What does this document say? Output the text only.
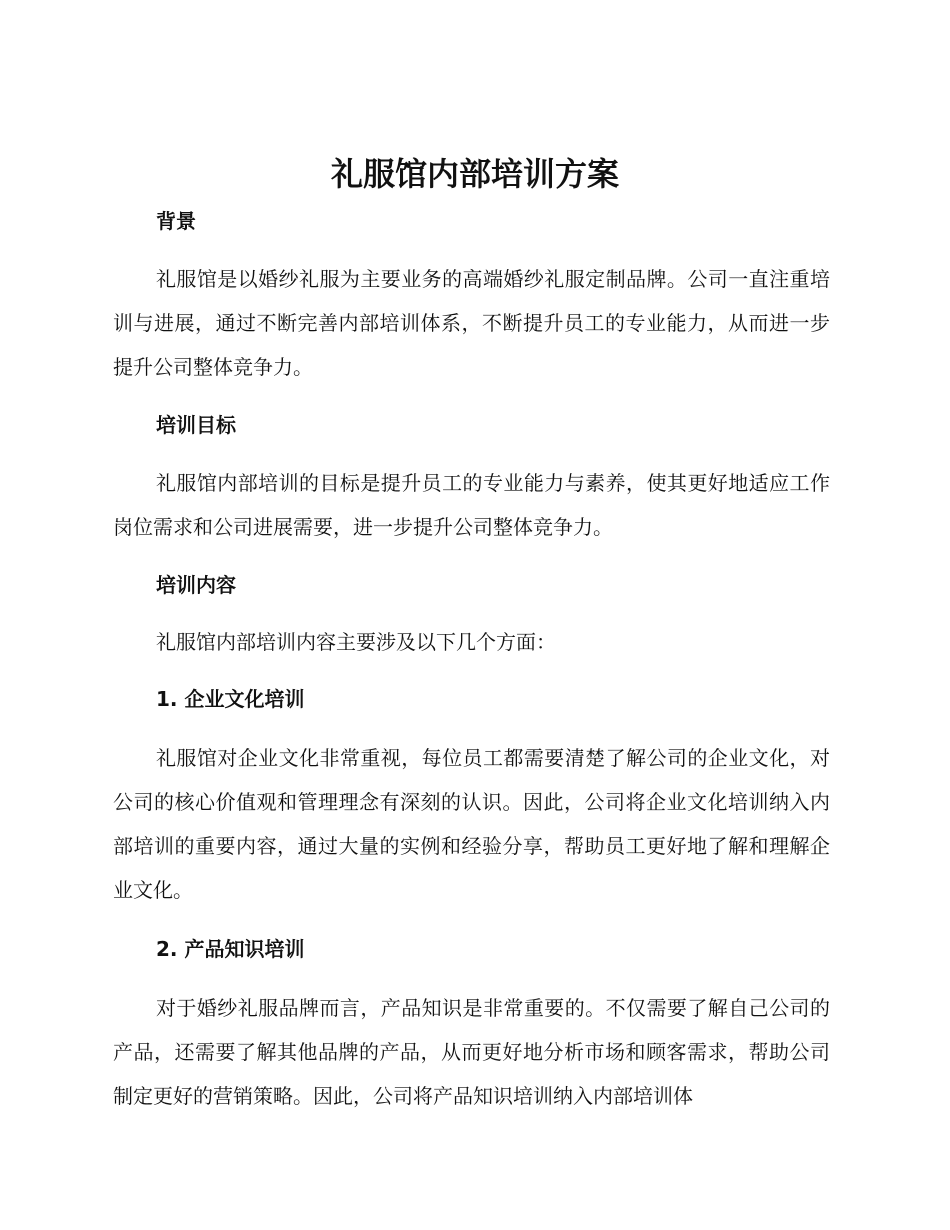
礼服馆内部培训方案
背景

礼服馆是以婚纱礼服为主要业务的高端婚纱礼服定制品牌。公司一直注重培训与进展，通过不断完善内部培训体系，不断提升员工的专业能力，从而进一步提升公司整体竞争力。

培训目标

礼服馆内部培训的目标是提升员工的专业能力与素养，使其更好地适应工作岗位需求和公司进展需要，进一步提升公司整体竞争力。

培训内容

礼服馆内部培训内容主要涉及以下几个方面：

1. 企业文化培训

礼服馆对企业文化非常重视，每位员工都需要清楚了解公司的企业文化，对公司的核心价值观和管理理念有深刻的认识。因此，公司将企业文化培训纳入内部培训的重要内容，通过大量的实例和经验分享，帮助员工更好地了解和理解企业文化。

2. 产品知识培训

对于婚纱礼服品牌而言，产品知识是非常重要的。不仅需要了解自己公司的产品，还需要了解其他品牌的产品，从而更好地分析市场和顾客需求，帮助公司制定更好的营销策略。因此，公司将产品知识培训纳入内部培训体
